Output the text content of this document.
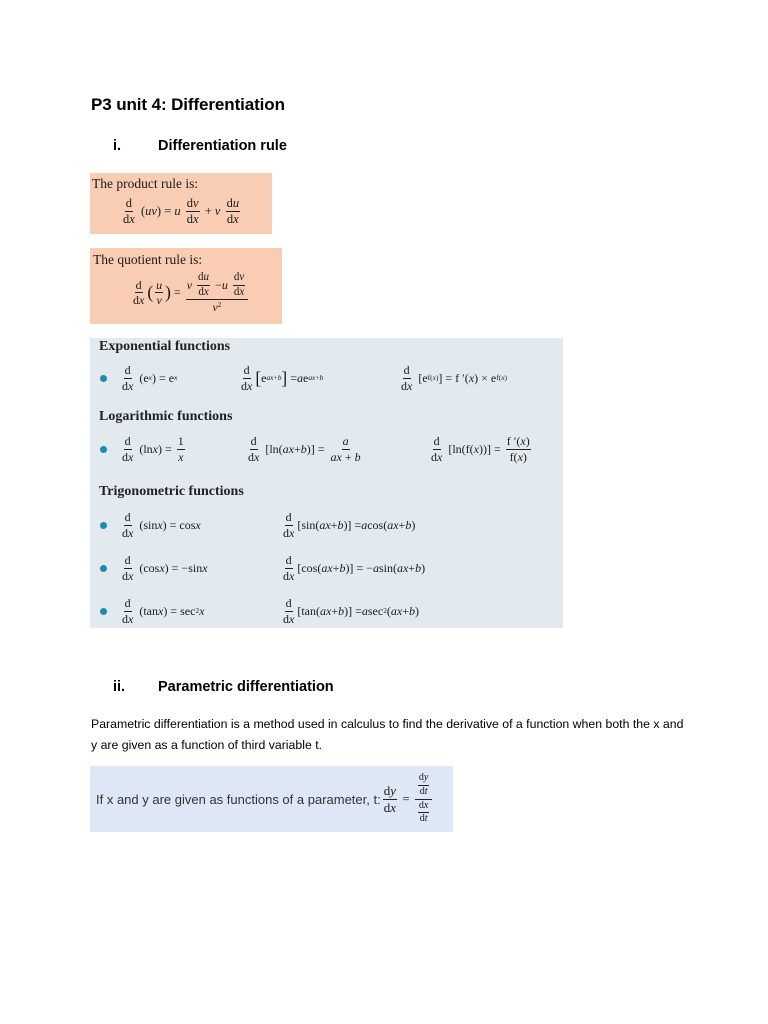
P3 unit 4: Differentiation
i.	Differentiation rule
The product rule is:
$\frac{d}{dx} (uv) = u \frac{dv}{dx} + v \frac{du}{dx}$
The quotient rule is:
$\frac{d}{dx}$ ( $\frac{u}{v}$ ) = v
$\frac{du}{dx} - u$
$\frac{dv}{dx}$
$v^2$
Exponential functions

$\frac{d}{dx} (e$ x ) = e x	$\frac{d}{dx}$ [ e ax+b ] = a e ax+b	$\frac{d}{dx} [e$ f(x) ] = f ′( x ) × e f(x)
Logarithmic functions

$\frac{d}{dx} (\ln$ x ) = $\frac{1}{x}$	$\frac{d}{dx} [\ln$( ax + b )] = $\frac{a}{ax + b}$	$\frac{d}{dx} [\ln(f$( x ))] = $\frac{f '(x)}{f(x)}$
Trigonometric functions

$\frac{d}{dx} (\sin$ x ) = cos x	$\frac{d}{dx} [\sin$( ax + b )] = a cos( ax + b )

$\frac{d}{dx} (\cos$ x ) = −sin x	$\frac{d}{dx} [\cos$( ax + b )] = − a sin( ax + b )

$\frac{d}{dx} (\tan$ x ) = sec 2 x	$\frac{d}{dx} [\tan$( ax + b )] = a sec 2 ( ax + b )
ii. Parametric differentiation
Parametric differentiation is a method used in calculus to find the derivative of a function when both the x and y are given as a function of third variable t.
If x and y are given as functions of a parameter, t: $\frac{dy}{dx} = \frac{\frac{dy}{dt}}{\frac{dx}{dt}}$
